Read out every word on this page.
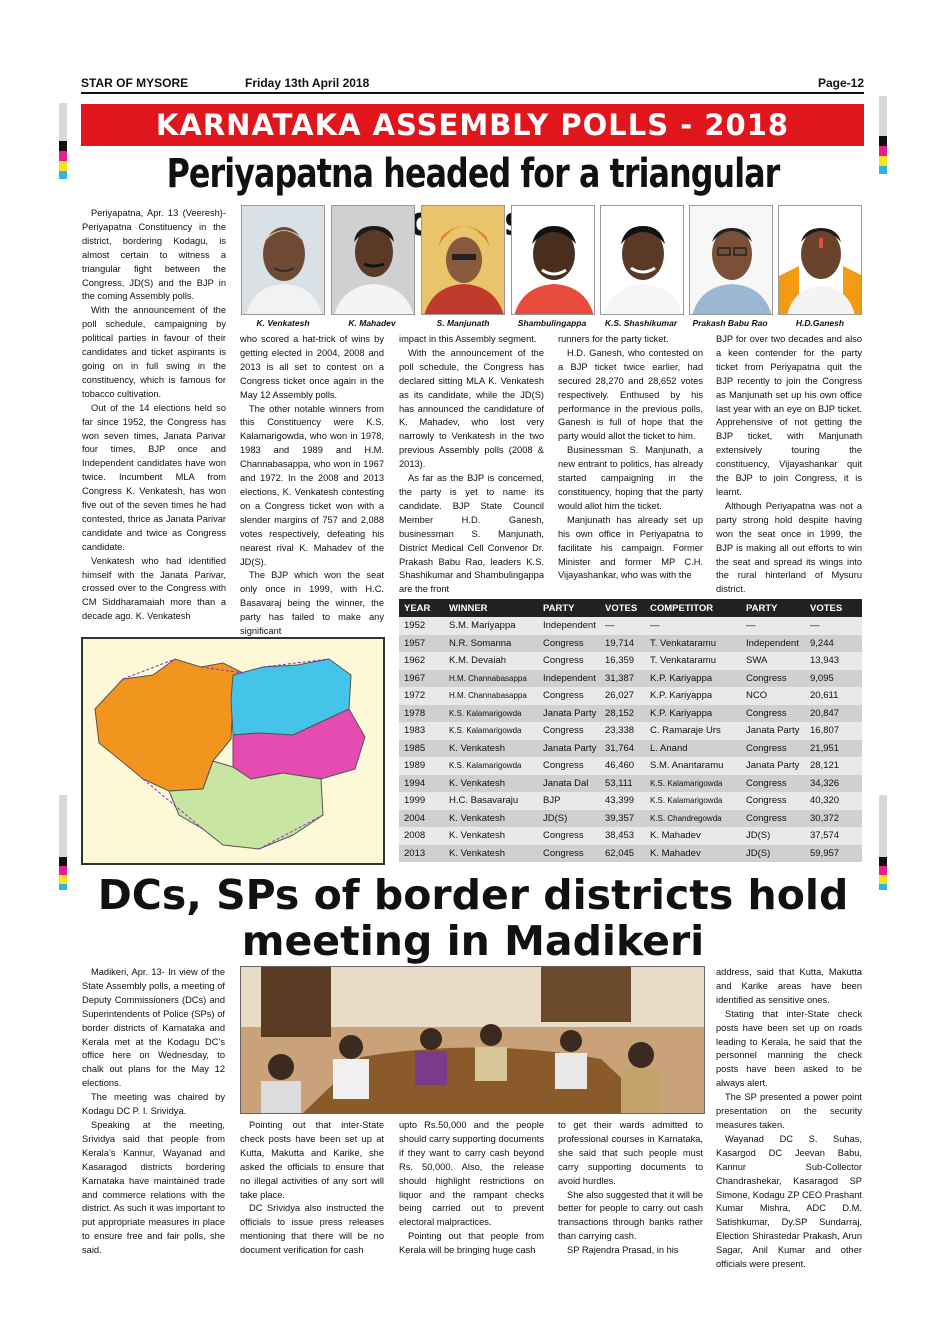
STAR OF MYSORE	Friday 13th April 2018	Page-12
KARNATAKA ASSEMBLY POLLS - 2018
Periyapatna headed for a triangular

Periyapatna, Apr. 13 (Veeresh)- Periyapatna Constituency in the district, bordering Kodagu, is almost certain to witness a triangular fight between the Congress, JD(S) and the BJP in the coming Assembly polls.

With the announcement of the poll schedule, campaigning by political parties in favour of their candidates and ticket aspirants is going on in full swing in the constituency, which is famous for tobacco cultivation.

Out of the 14 elections held so far since 1952, the Congress has won seven times, Janata Parivar four times, BJP once and Independent candidates have won twice. Incumbent MLA from Congress K. Venkatesh, has won five out of the seven times he had contested, thrice as Janata Parivar candidate and twice as Congress candidate.

Venkatesh who had identified himself with the Janata Parivar, crossed over to the Congress with CM Siddharamaiah more than a decade ago. K. Venkatesh

who scored a hat-trick of wins by getting elected in 2004, 2008 and 2013 is all set to contest on a Congress ticket once again in the May 12 Assembly polls.

The other notable winners from this Constituency were K.S. Kalamarigowda, who won in 1978, 1983 and 1989 and H.M. Channabasappa, who won in 1967 and 1972. In the 2008 and 2013 elections, K. Venkatesh contesting on a Congress ticket won with a slender margins of 757 and 2,088 votes respectively, defeating his nearest rival K. Mahadev of the JD(S).

The BJP which won the seat only once in 1999, with H.C. Basavaraj being the winner, the party has failed to make any significant

impact in this Assembly segment.

With the announcement of the poll schedule, the Congress has declared sitting MLA K. Venkatesh as its candidate, while the JD(S) has announced the candidature of K. Mahadev, who lost very narrowly to Venkatesh in the two previous Assembly polls (2008 & 2013).

As far as the BJP is concerned, the party is yet to name its candidate. BJP State Council Member H.D. Ganesh, businessman S. Manjunath, District Medical Cell Convenor Dr. Prakash Babu Rao, leaders K.S. Shashikumar and Shambulingappa are the front

runners for the party ticket.

H.D. Ganesh, who contested on a BJP ticket twice earlier, had secured 28,270 and 28,652 votes respectively. Enthused by his performance in the previous polls, Ganesh is full of hope that the party would allot the ticket to him.

Businessman S. Manjunath, a new entrant to politics, has already started campaigning in the constituency, hoping that the party would allot him the ticket.

Manjunath has already set up his own office in Periyapatna to facilitate his campaign. Former Minister and former MP C.H. Vijayashankar, who was with the

BJP for over two decades and also a keen contender for the party ticket from Periyapatna quit the BJP recently to join the Congress as Manjunath set up his own office last year with an eye on BJP ticket. Apprehensive of not getting the BJP ticket, with Manjunath extensively touring the constituency, Vijayashankar quit the BJP to join Congress, it is learnt.

Although Periyapatna was not a party strong hold despite having won the seat once in 1999, the BJP is making all out efforts to win the seat and spread its wings into the rural hinterland of Mysuru district.

K. Venkatesh	K. Mahadev	S. Manjunath	Shambulingappa	K.S. Shashikumar	Prakash Babu Rao	H.D.Ganesh
YEAR	WINNER	PARTY	VOTES	COMPETITOR	PARTY	VOTES
1952	S.M. Mariyappa	Independent	—	—	—	—
1957	N.R. Somanna	Congress	19,714	T. Venkataramu	Independent	9,244
1962	K.M. Devaiah	Congress	16,359	T. Venkataramu	SWA	13,943
1967	H.M. Channabasappa	Independent	31,387	K.P. Kariyappa	Congress	9,095
1972	H.M. Channabasappa	Congress	26,027	K.P. Kariyappa	NCO	20,611
1978	K.S. Kalamarigowda	Janata Party	28,152	K.P. Kariyappa	Congress	20,847
1983	K.S. Kalamarigowda	Congress	23,338	C. Ramaraje Urs	Janata Party	16,807
1985	K. Venkatesh	Janata Party	31,764	L. Anand	Congress	21,951
1989	K.S. Kalamarigowda	Congress	46,460	S.M. Anantaramu	Janata Party	28,121
1994	K. Venkatesh	Janata Dal	53,111	K.S. Kalamarigowda	Congress	34,326
1999	H.C. Basavaraju	BJP	43,399	K.S. Kalamarigowda	Congress	40,320
2004	K. Venkatesh	JD(S)	39,357	K.S. Chandregowda	Congress	30,372
2008	K. Venkatesh	Congress	38,453	K. Mahadev	JD(S)	37,574
2013	K. Venkatesh	Congress	62,045	K. Mahadev	JD(S)	59,957
DCs, SPs of border districts hold
meeting in Madikeri

Madikeri, Apr. 13- In view of the State Assembly polls, a meeting of Deputy Commissioners (DCs) and Superintendents of Police (SPs) of border districts of Karnataka and Kerala met at the Kodagu DC’s office here on Wednesday, to chalk out plans for the May 12 elections.

The meeting was chaired by Kodagu DC P. I. Srividya.

Speaking at the meeting, Srividya said that people from Kerala’s Kannur, Wayanad and Kasaragod districts bordering Karnataka have maintained trade and commerce relations with the district. As such it was important to put appropriate measures in place to ensure free and fair polls, she said.

Pointing out that inter-State check posts have been set up at Kutta, Makutta and Karike, she asked the officials to ensure that no illegal activities of any sort will take place.

DC Srividya also instructed the officials to issue press releases mentioning that there will be no document verification for cash

upto Rs.50,000 and the people should carry supporting documents if they want to carry cash beyond Rs. 50,000. Also, the release should highlight restrictions on liquor and the rampant checks being carried out to prevent electoral malpractices.

Pointing out that people from Kerala will be bringing huge cash

to get their wards admitted to professional courses in Karnataka, she said that such people must carry supporting documents to avoid hurdles.

She also suggested that it will be better for people to carry out cash transactions through banks rather than carrying cash.

SP Rajendra Prasad, in his

address, said that Kutta, Makutta and Karike areas have been identified as sensitive ones.

Stating that inter-State check posts have been set up on roads leading to Kerala, he said that the personnel manning the check posts have been asked to be always alert.

The SP presented a power point presentation on the security measures taken.

Wayanad DC S. Suhas, Kasargod DC Jeevan Babu, Kannur Sub-Collector Chandrashekar, Kasaragod SP Simone, Kodagu ZP CEO Prashant Kumar Mishra, ADC D.M. Satishkumar, Dy.SP Sundarraj, Election Shirastedar Prakash, Arun Sagar, Anil Kumar and other officials were present.
